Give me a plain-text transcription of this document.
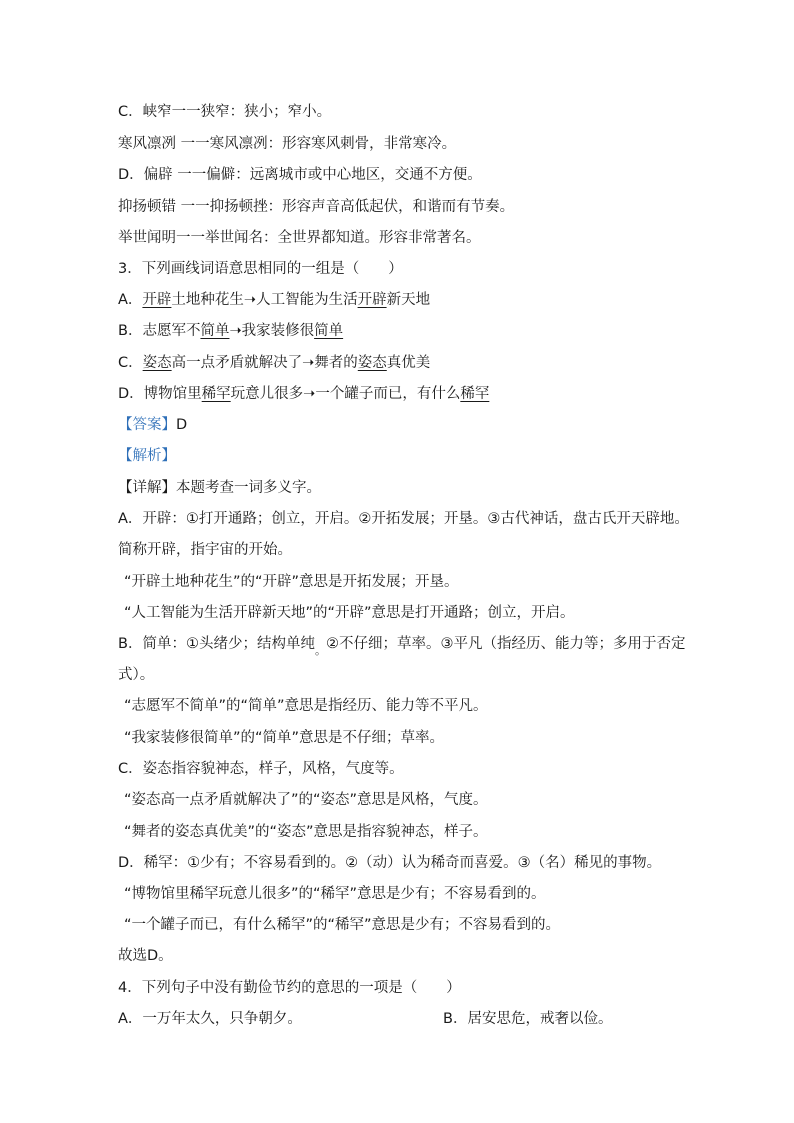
C．峡窄一一狭窄：狭小；窄小。
寒风凛冽 一一寒风凛冽：形容寒风刺骨，非常寒冷。
D．偏辟 一一偏僻：远离城市或中心地区，交通不方便。
抑扬顿错 一一抑扬顿挫：形容声音高低起伏，和谐而有节奏。
举世闻明一一举世闻名：全世界都知道。形容非常著名。
3．下列画线词语意思相同的一组是（　　）
A．开辟土地种花生➝人工智能为生活开辟新天地
B．志愿军不简单➝我家装修很简单
C．姿态高一点矛盾就解决了➝舞者的姿态真优美
D．博物馆里稀罕玩意儿很多➝一个罐子而已，有什么稀罕
【答案】D
【解析】
【详解】本题考查一词多义字。
A．开辟：①打开通路；创立，开启。②开拓发展；开垦。③古代神话，盘古氏开天辟地。
简称开辟，指宇宙的开始。
“开辟土地种花生”的“开辟”意思是开拓发展；开垦。
“人工智能为生活开辟新天地”的“开辟”意思是打开通路；创立，开启。
B．简单：①头绪少；结构单纯$_。$②不仔细；草率。③平凡（指经历、能力等；多用于否定
式）。
“志愿军不简单”的“简单”意思是指经历、能力等不平凡。
“我家装修很简单”的“简单”意思是不仔细；草率。
C．姿态指容貌神态，样子，风格，气度等。
“姿态高一点矛盾就解决了”的“姿态”意思是风格，气度。
“舞者的姿态真优美”的“姿态”意思是指容貌神态，样子。
D．稀罕：①少有；不容易看到的。②（动）认为稀奇而喜爱。③（名）稀见的事物。
“博物馆里稀罕玩意儿很多”的“稀罕”意思是少有；不容易看到的。
“一个罐子而已，有什么稀罕”的“稀罕”意思是少有；不容易看到的。
故选D。
4．下列句子中没有勤俭节约的意思的一项是（　　）
A．一万年太久，只争朝夕。	B．居安思危，戒奢以俭。
